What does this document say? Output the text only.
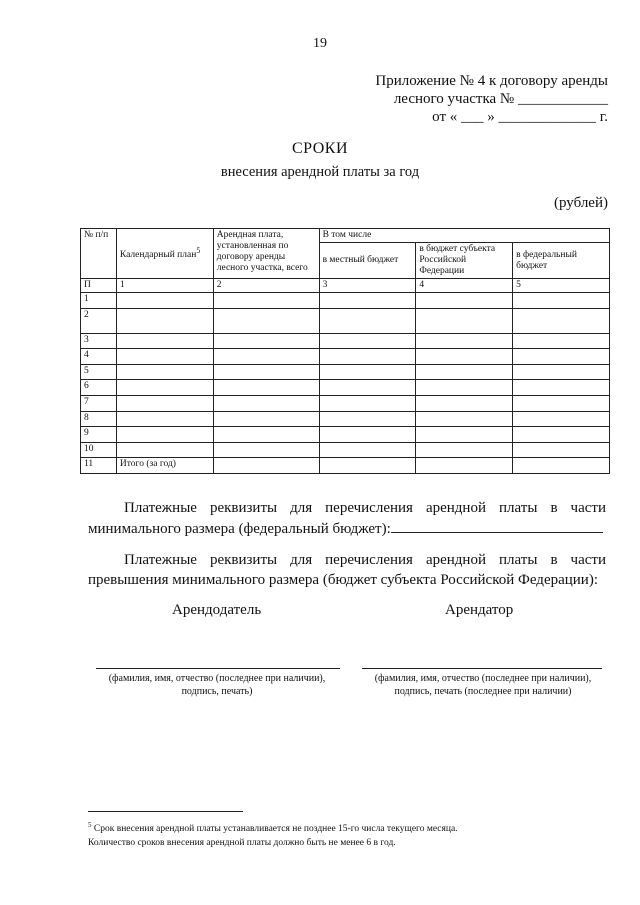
19
Приложение № 4 к договору аренды
лесного участка № ____________
от « ___ » _____________ г.
СРОКИ
внесения арендной платы за год
(рублей)
№ п/п	Календарный план$^5$	Арендная плата, установленная по договору аренды лесного участка, всего	В том числе		
			в местный бюджет	в бюджет субъекта Российской Федерации	в федеральный бюджет
П	1	2	3	4	5
1					
2					
3					
4					
5					
6					
7					
8					
9					
10					
11	Итого (за год)				
Платежные реквизиты для перечисления арендной платы в части минимального размера (федеральный бюджет):
Платежные реквизиты для перечисления арендной платы в части превышения минимального размера (бюджет субъекта Российской Федерации):
Арендодатель	Арендатор
(фамилия, имя, отчество (последнее при наличии),
подпись, печать)
(фамилия, имя, отчество (последнее при наличии),
подпись, печать (последнее при наличии)
$^5$ Срок внесения арендной платы устанавливается не позднее 15-го числа текущего месяца.
Количество сроков внесения арендной платы должно быть не менее 6 в год.
